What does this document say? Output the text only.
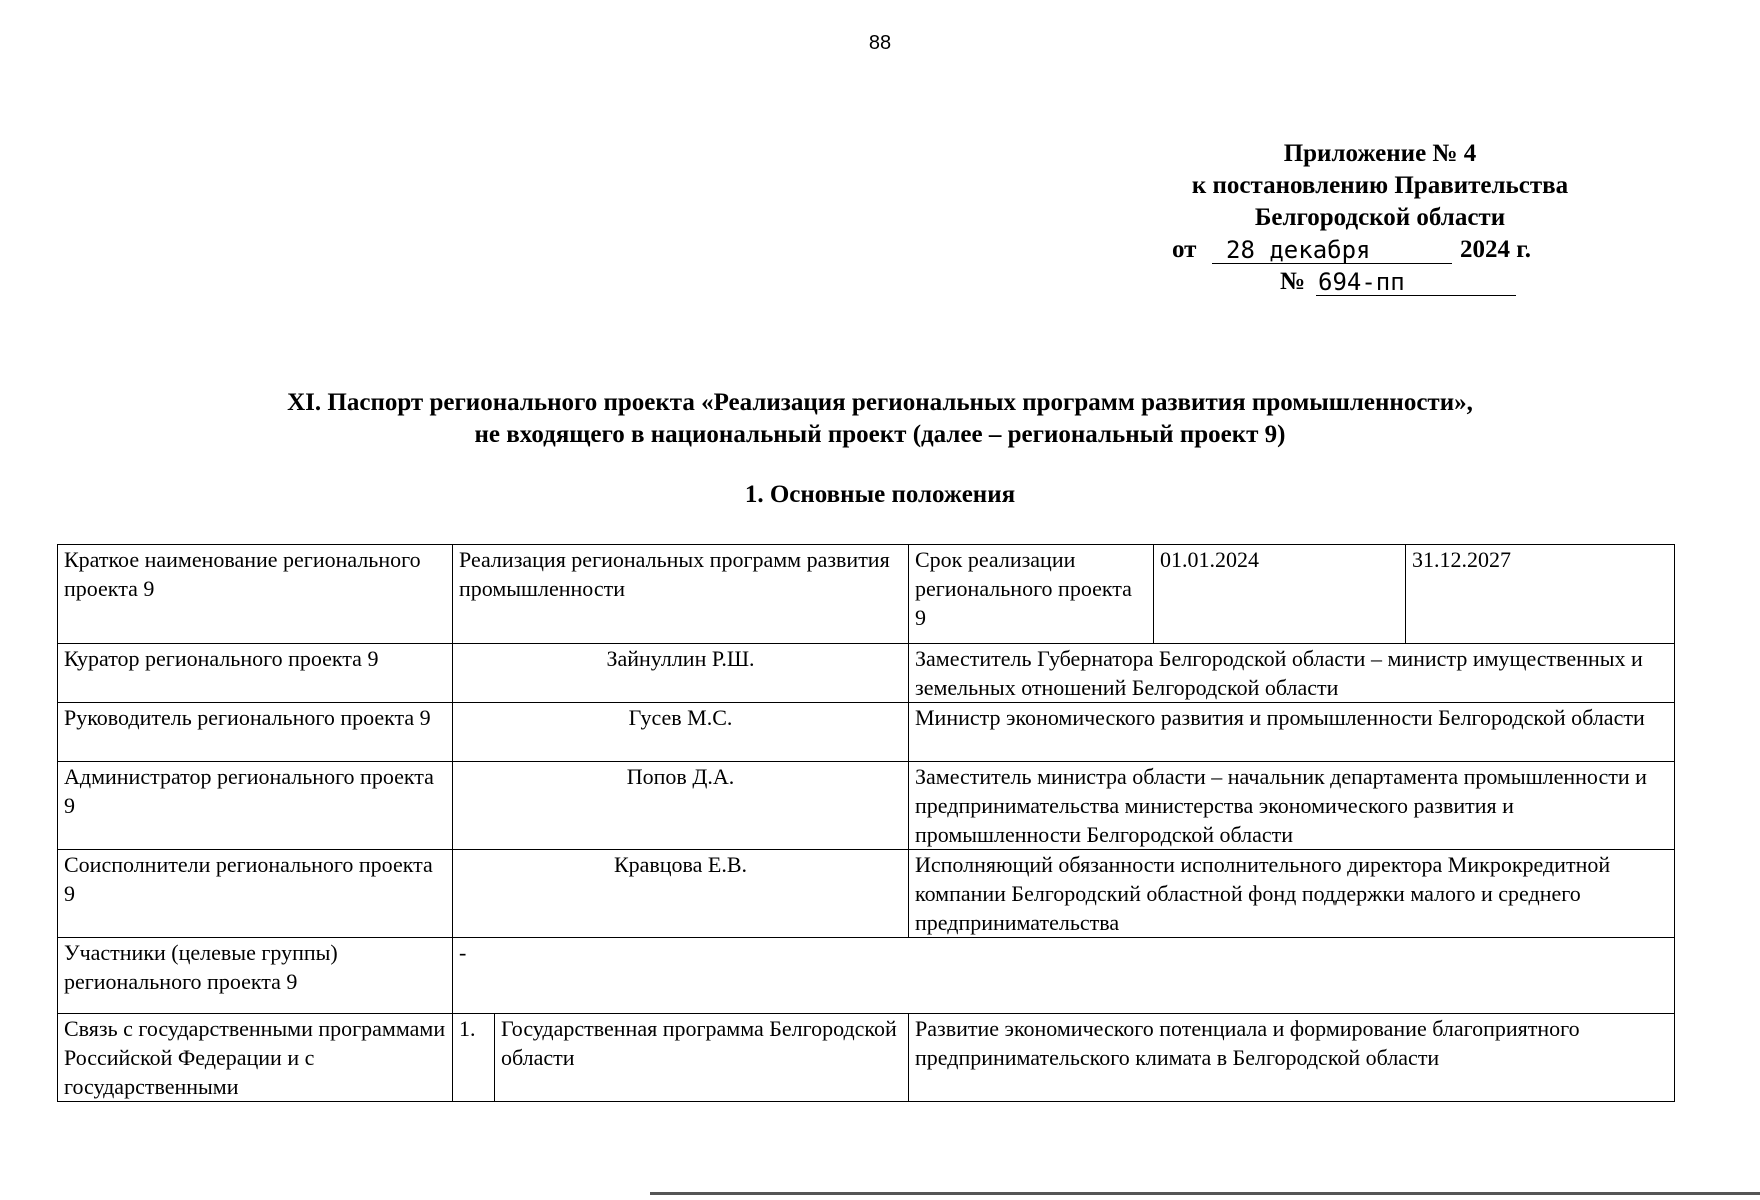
88
Приложение № 4
к постановлению Правительства
Белгородской области
от	28 декабря	2024 г.
№ 694-пп
XI. Паспорт регионального проекта «Реализация региональных программ развития промышленности»,
не входящего в национальный проект (далее – региональный проект 9)
1. Основные положения
Краткое наименование регионального проекта 9	Реализация региональных программ развития промышленности		Срок реализации регионального проекта 9	01.01.2024	31.12.2027
Куратор регионального проекта 9	Зайнуллин Р.Ш.		Заместитель Губернатора Белгородской области – министр имущественных и земельных отношений Белгородской области		
Руководитель регионального проекта 9	Гусев М.С.		Министр экономического развития и промышленности Белгородской области		
Администратор регионального проекта 9	Попов Д.А.		Заместитель министра области – начальник департамента промышленности и предпринимательства министерства экономического развития и промышленности Белгородской области		
Соисполнители регионального проекта 9	Кравцова Е.В.		Исполняющий обязанности исполнительного директора Микрокредитной компании Белгородский областной фонд поддержки малого и среднего предпринимательства		
Участники (целевые группы) регионального проекта 9	-				
Связь с государственными программами Российской Федерации и с государственными	1.	Государственная программа Белгородской области	Развитие экономического потенциала и формирование благоприятного предпринимательского климата в Белгородской области		
